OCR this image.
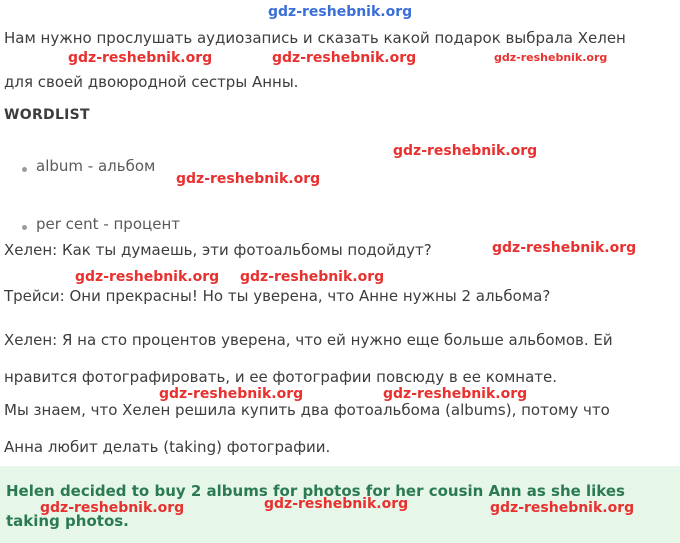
Нам нужно прослушать аудиозапись и сказать какой подарок выбрала Хелен
для своей двоюродной сестры Анны.
WORDLIST
album - альбом
per cent - процент
Хелен: Как ты думаешь, эти фотоальбомы подойдут?
Трейси: Они прекрасны! Но ты уверена, что Анне нужны 2 альбома?
Хелен: Я на сто процентов уверена, что ей нужно еще больше альбомов. Ей
нравится фотографировать, и ее фотографии повсюду в ее комнате.
Мы знаем, что Хелен решила купить два фотоальбома (albums), потому что
Анна любит делать (taking) фотографии.
Helen decided to buy 2 albums for photos for her cousin Ann as she likes taking photos.
gdz-reshebnik.org
gdz-reshebnik.org	gdz-reshebnik.org	gdz-reshebnik.org
gdz-reshebnik.org
gdz-reshebnik.org
gdz-reshebnik.org
gdz-reshebnik.org gdz-reshebnik.org
gdz-reshebnik.org	gdz-reshebnik.org
gdz-reshebnik.org	gdz-reshebnik.org	gdz-reshebnik.org
